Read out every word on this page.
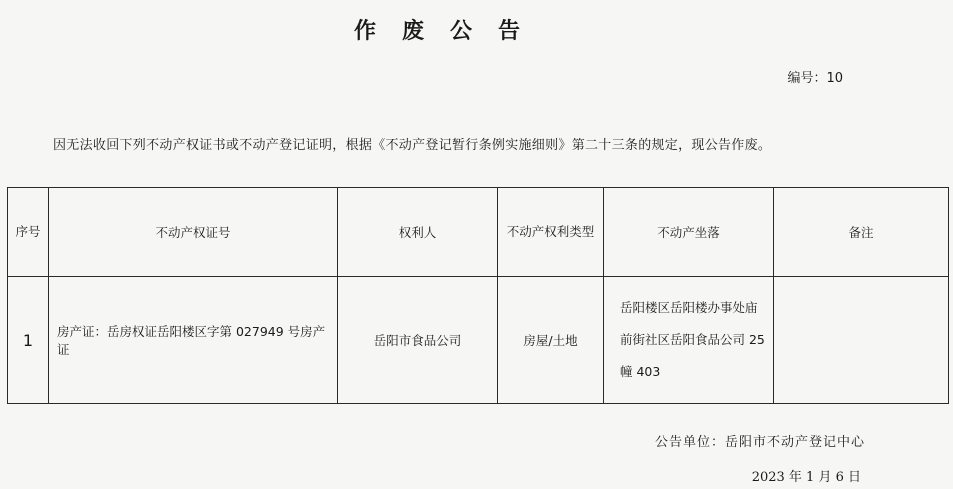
作废公告
编号：10
因无法收回下列不动产权证书或不动产登记证明，根据《不动产登记暂行条例实施细则》第二十三条的规定，现公告作废。
序号	不动产权证号	权利人	不动产权利类型	不动产坐落	备注
1	房产证：岳房权证岳阳楼区字第 027949 号房产证	岳阳市食品公司	房屋/土地	岳阳楼区岳阳楼办事处庙前街社区岳阳食品公司 25 幢 403	
公告单位：岳阳市不动产登记中心
2023 年 1 月 6 日
